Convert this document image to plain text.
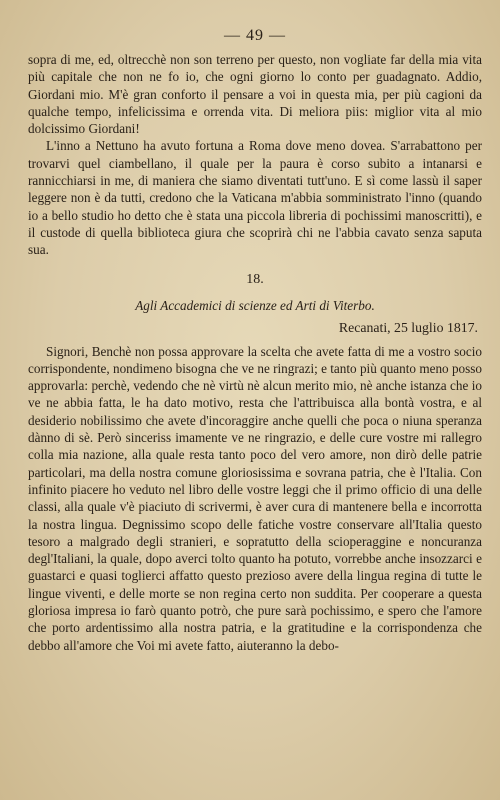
— 49 —

sopra di me, ed, oltrecchè non son terreno per questo, non vogliate far della mia vita più capitale che non ne fo io, che ogni giorno lo conto per guadagnato. Addio, Giordani mio. M'è gran conforto il pensare a voi in questa mia, per più cagioni da qualche tempo, infelicissima e orrenda vita. Di meliora piis: miglior vita al mio dolcissimo Giordani!

L'inno a Nettuno ha avuto fortuna a Roma dove meno dovea. S'arrabattono per trovarvi quel ciambellano, il quale per la paura è corso subito a intanarsi e rannicchiarsi in me, di maniera che siamo diventati tutt'uno. E sì come lassù il saper leggere non è da tutti, credono che la Vaticana m'abbia somministrato l'inno (quando io a bello studio ho detto che è stata una piccola libreria di pochissimi manoscritti), e il custode di quella biblioteca giura che scoprirà chi ne l'abbia cavato senza saputa sua.

18.
Agli Accademici di scienze ed Arti di Viterbo.
Recanati, 25 luglio 1817.

Signori, Benchè non possa approvare la scelta che avete fatta di me a vostro socio corrispondente, nondimeno bisogna che ve ne ringrazi; e tanto più quanto meno posso approvarla: perchè, vedendo che nè virtù nè alcun merito mio, nè anche istanza che io ve ne abbia fatta, le ha dato motivo, resta che l'attribuisca alla bontà vostra, e al desiderio nobilissimo che avete d'incoraggire anche quelli che poca o niuna speranza dànno di sè. Però sinceriss imamente ve ne ringrazio, e delle cure vostre mi rallegro colla mia nazione, alla quale resta tanto poco del vero amore, non dirò delle patrie particolari, ma della nostra comune gloriosissima e sovrana patria, che è l'Italia. Con infinito piacere ho veduto nel libro delle vostre leggi che il primo officio di una delle classi, alla quale v'è piaciuto di scrivermi, è aver cura di mantenere bella e incorrotta la nostra lingua. Degnissimo scopo delle fatiche vostre conservare all'Italia questo tesoro a malgrado degli stranieri, e sopratutto della scioperaggine e noncuranza degl'Italiani, la quale, dopo averci tolto quanto ha potuto, vorrebbe anche insozzarci e guastarci e quasi toglierci affatto questo prezioso avere della lingua regina di tutte le lingue viventi, e delle morte se non regina certo non suddita. Per cooperare a questa gloriosa impresa io farò quanto potrò, che pure sarà pochissimo, e spero che l'amore che porto ardentissimo alla nostra patria, e la gratitudine e la corrispondenza che debbo all'amore che Voi mi avete fatto, aiuteranno la debo-
